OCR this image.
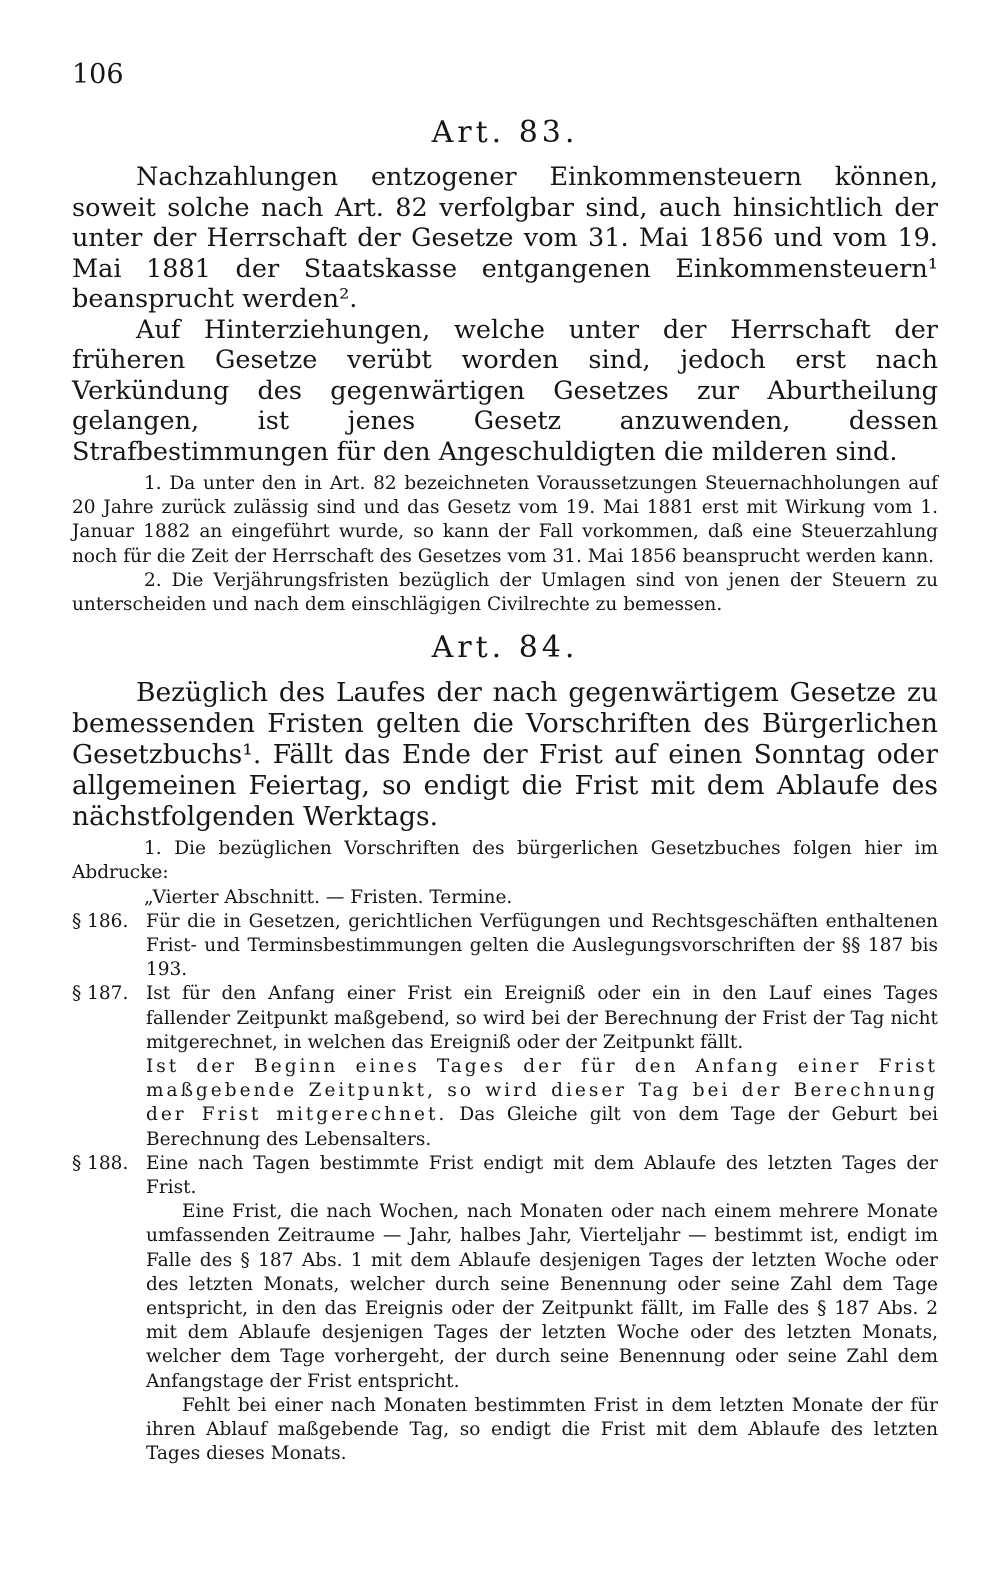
106
Art. 83.

Nachzahlungen entzogener Einkommensteuern können, soweit solche nach Art. 82 verfolgbar sind, auch hinsichtlich der unter der Herrschaft der Gesetze vom 31. Mai 1856 und vom 19. Mai 1881 der Staatskasse entgangenen Einkommensteuern¹ beansprucht werden².

Auf Hinterziehungen, welche unter der Herrschaft der früheren Gesetze verübt worden sind, jedoch erst nach Verkündung des gegenwärtigen Gesetzes zur Aburtheilung gelangen, ist jenes Gesetz anzuwenden, dessen Strafbestimmungen für den Angeschuldigten die milderen sind.

1. Da unter den in Art. 82 bezeichneten Voraussetzungen Steuernachholungen auf 20 Jahre zurück zulässig sind und das Gesetz vom 19. Mai 1881 erst mit Wirkung vom 1. Januar 1882 an eingeführt wurde, so kann der Fall vorkommen, daß eine Steuerzahlung noch für die Zeit der Herrschaft des Gesetzes vom 31. Mai 1856 beansprucht werden kann.

2. Die Verjährungsfristen bezüglich der Umlagen sind von jenen der Steuern zu unterscheiden und nach dem einschlägigen Civilrechte zu bemessen.

Art. 84.

Bezüglich des Laufes der nach gegenwärtigem Gesetze zu bemessenden Fristen gelten die Vorschriften des Bürgerlichen Gesetzbuchs¹. Fällt das Ende der Frist auf einen Sonntag oder allgemeinen Feiertag, so endigt die Frist mit dem Ablaufe des nächstfolgenden Werktags.

1. Die bezüglichen Vorschriften des bürgerlichen Gesetzbuches folgen hier im Abdrucke:

„Vierter Abschnitt. — Fristen. Termine.

§ 186. Für die in Gesetzen, gerichtlichen Verfügungen und Rechtsgeschäften enthaltenen Frist- und Terminsbestimmungen gelten die Auslegungsvorschriften der §§ 187 bis 193.

§ 187. Ist für den Anfang einer Frist ein Ereigniß oder ein in den Lauf eines Tages fallender Zeitpunkt maßgebend, so wird bei der Berechnung der Frist der Tag nicht mitgerechnet, in welchen das Ereigniß oder der Zeitpunkt fällt.

Ist der Beginn eines Tages der für den Anfang einer Frist maßgebende Zeitpunkt, so wird dieser Tag bei der Berechnung der Frist mitgerechnet. Das Gleiche gilt von dem Tage der Geburt bei Berechnung des Lebensalters.

§ 188. Eine nach Tagen bestimmte Frist endigt mit dem Ablaufe des letzten Tages der Frist.

Eine Frist, die nach Wochen, nach Monaten oder nach einem mehrere Monate umfassenden Zeitraume — Jahr, halbes Jahr, Vierteljahr — bestimmt ist, endigt im Falle des § 187 Abs. 1 mit dem Ablaufe desjenigen Tages der letzten Woche oder des letzten Monats, welcher durch seine Benennung oder seine Zahl dem Tage entspricht, in den das Ereignis oder der Zeitpunkt fällt, im Falle des § 187 Abs. 2 mit dem Ablaufe desjenigen Tages der letzten Woche oder des letzten Monats, welcher dem Tage vorhergeht, der durch seine Benennung oder seine Zahl dem Anfangstage der Frist entspricht.

Fehlt bei einer nach Monaten bestimmten Frist in dem letzten Monate der für ihren Ablauf maßgebende Tag, so endigt die Frist mit dem Ablaufe des letzten Tages dieses Monats.
